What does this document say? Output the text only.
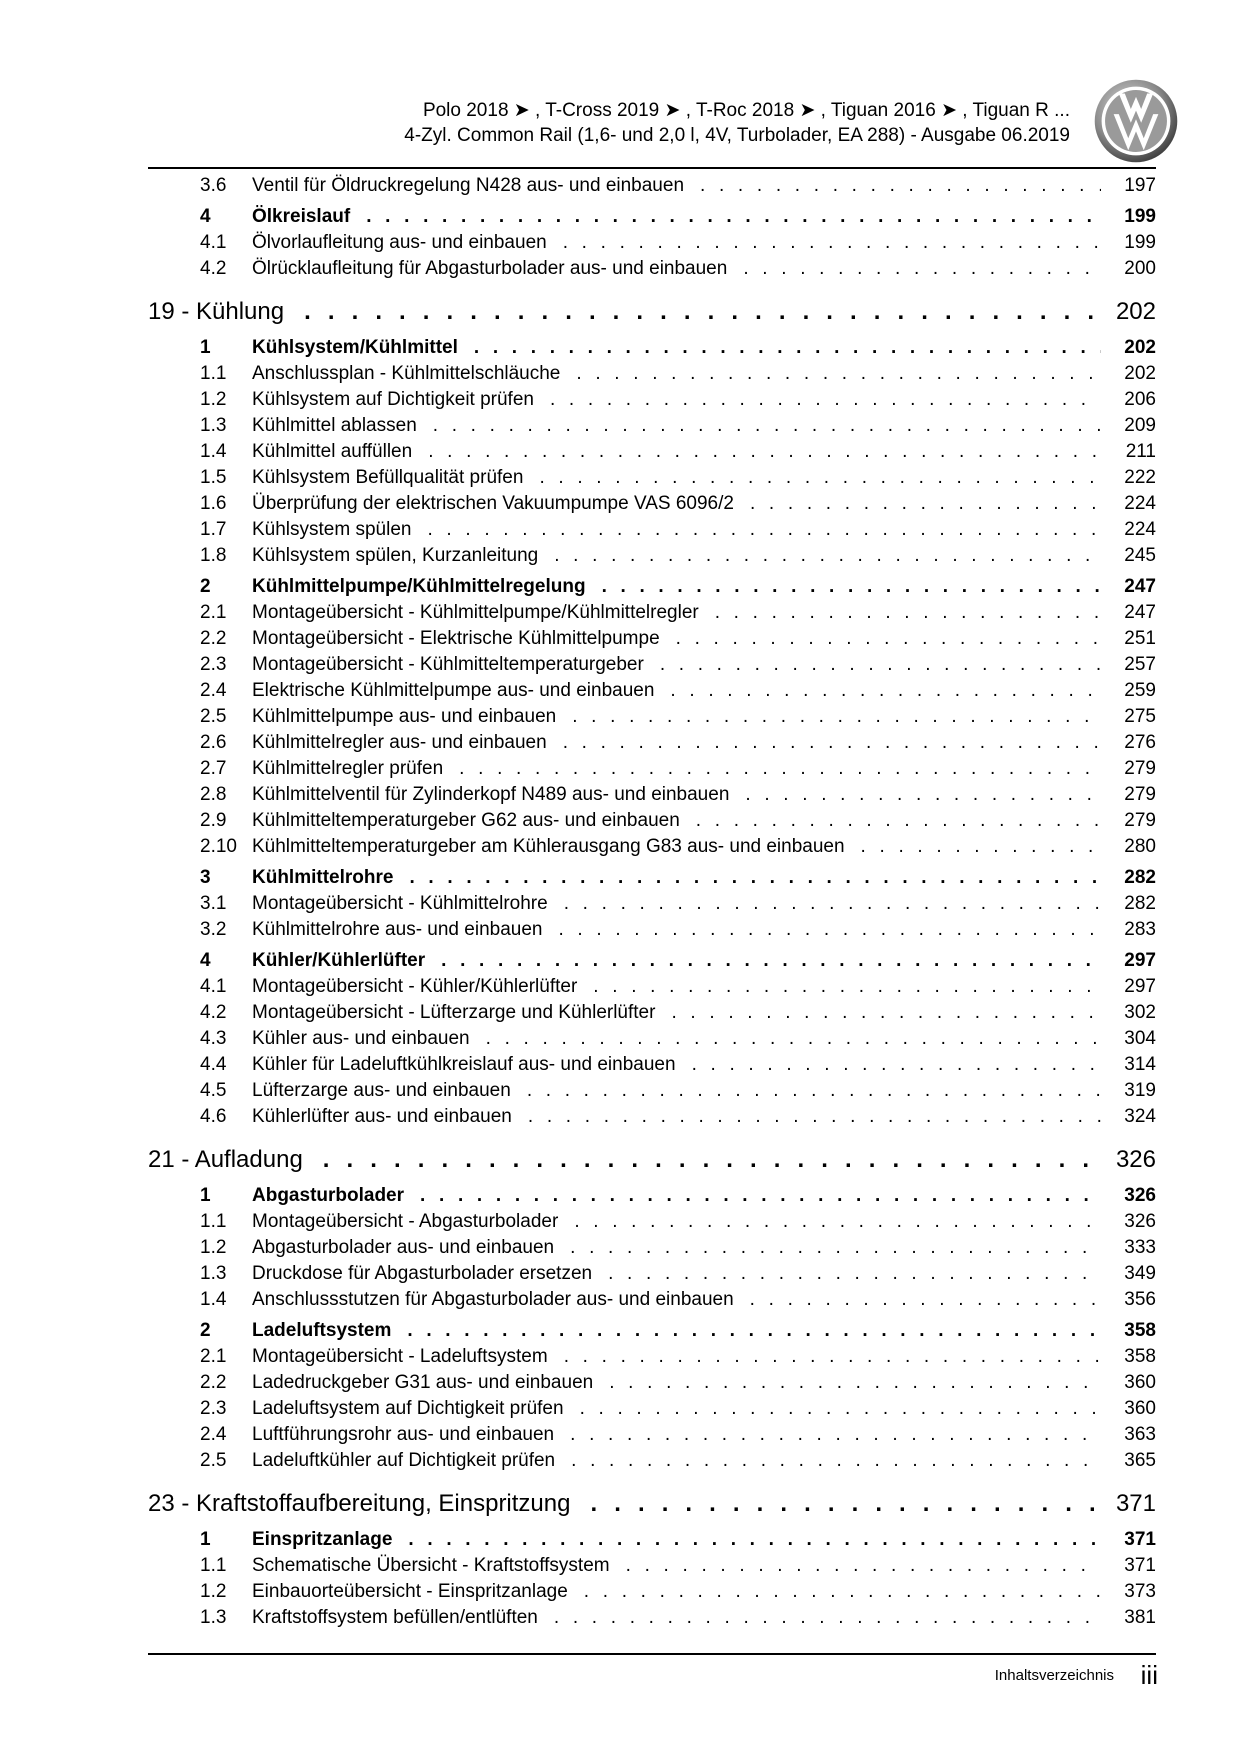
Polo 2018 ➤ , T-Cross 2019 ➤ , T-Roc 2018 ➤ , Tiguan 2016 ➤ , Tiguan R ...
4-Zyl. Common Rail (1,6- und 2,0 l, 4V, Turbolader, EA 288) - Ausgabe 06.2019
3.6	Ventil für Öldruckregelung N428 aus- und einbauen . . .	197
4	Ölkreislauf . . .	199
4.1	Ölvorlaufleitung aus- und einbauen . . .	199
4.2	Ölrücklaufleitung für Abgasturbolader aus- und einbauen . . .	200
19 - Kühlung . . .	202
1	Kühlsystem/Kühlmittel . . .	202
1.1	Anschlussplan - Kühlmittelschläuche . . .	202
1.2	Kühlsystem auf Dichtigkeit prüfen . . .	206
1.3	Kühlmittel ablassen . . .	209
1.4	Kühlmittel auffüllen . . .	211
1.5	Kühlsystem Befüllqualität prüfen . . .	222
1.6	Überprüfung der elektrischen Vakuumpumpe VAS 6096/2 . . .	224
1.7	Kühlsystem spülen . . .	224
1.8	Kühlsystem spülen, Kurzanleitung . . .	245
2	Kühlmittelpumpe/Kühlmittelregelung . . .	247
2.1	Montageübersicht - Kühlmittelpumpe/Kühlmittelregler . . .	247
2.2	Montageübersicht - Elektrische Kühlmittelpumpe . . .	251
2.3	Montageübersicht - Kühlmitteltemperaturgeber . . .	257
2.4	Elektrische Kühlmittelpumpe aus- und einbauen . . .	259
2.5	Kühlmittelpumpe aus- und einbauen . . .	275
2.6	Kühlmittelregler aus- und einbauen . . .	276
2.7	Kühlmittelregler prüfen . . .	279
2.8	Kühlmittelventil für Zylinderkopf N489 aus- und einbauen . . .	279
2.9	Kühlmitteltemperaturgeber G62 aus- und einbauen . . .	279
2.10 Kühlmitteltemperaturgeber am Kühlerausgang G83 aus- und einbauen . . .	280
3	Kühlmittelrohre . . .	282
3.1	Montageübersicht - Kühlmittelrohre . . .	282
3.2	Kühlmittelrohre aus- und einbauen . . .	283
4	Kühler/Kühlerlüfter . . .	297
4.1	Montageübersicht - Kühler/Kühlerlüfter . . .	297
4.2	Montageübersicht - Lüfterzarge und Kühlerlüfter . . .	302
4.3	Kühler aus- und einbauen . . .	304
4.4	Kühler für Ladeluftkühlkreislauf aus- und einbauen . . .	314
4.5	Lüfterzarge aus- und einbauen . . .	319
4.6	Kühlerlüfter aus- und einbauen . . .	324
21 - Aufladung . . .	326
1	Abgasturbolader . . .	326
1.1	Montageübersicht - Abgasturbolader . . .	326
1.2	Abgasturbolader aus- und einbauen . . .	333
1.3	Druckdose für Abgasturbolader ersetzen . . .	349
1.4	Anschlussstutzen für Abgasturbolader aus- und einbauen . . .	356
2	Ladeluftsystem . . .	358
2.1	Montageübersicht - Ladeluftsystem . . .	358
2.2	Ladedruckgeber G31 aus- und einbauen . . .	360
2.3	Ladeluftsystem auf Dichtigkeit prüfen . . .	360
2.4	Luftführungsrohr aus- und einbauen . . .	363
2.5	Ladeluftkühler auf Dichtigkeit prüfen . . .	365
23 - Kraftstoffaufbereitung, Einspritzung . . .	371
1	Einspritzanlage . . .	371
1.1	Schematische Übersicht - Kraftstoffsystem . . .	371
1.2	Einbauorteübersicht - Einspritzanlage . . .	373
1.3	Kraftstoffsystem befüllen/entlüften . . .	381
Inhaltsverzeichnis iii
